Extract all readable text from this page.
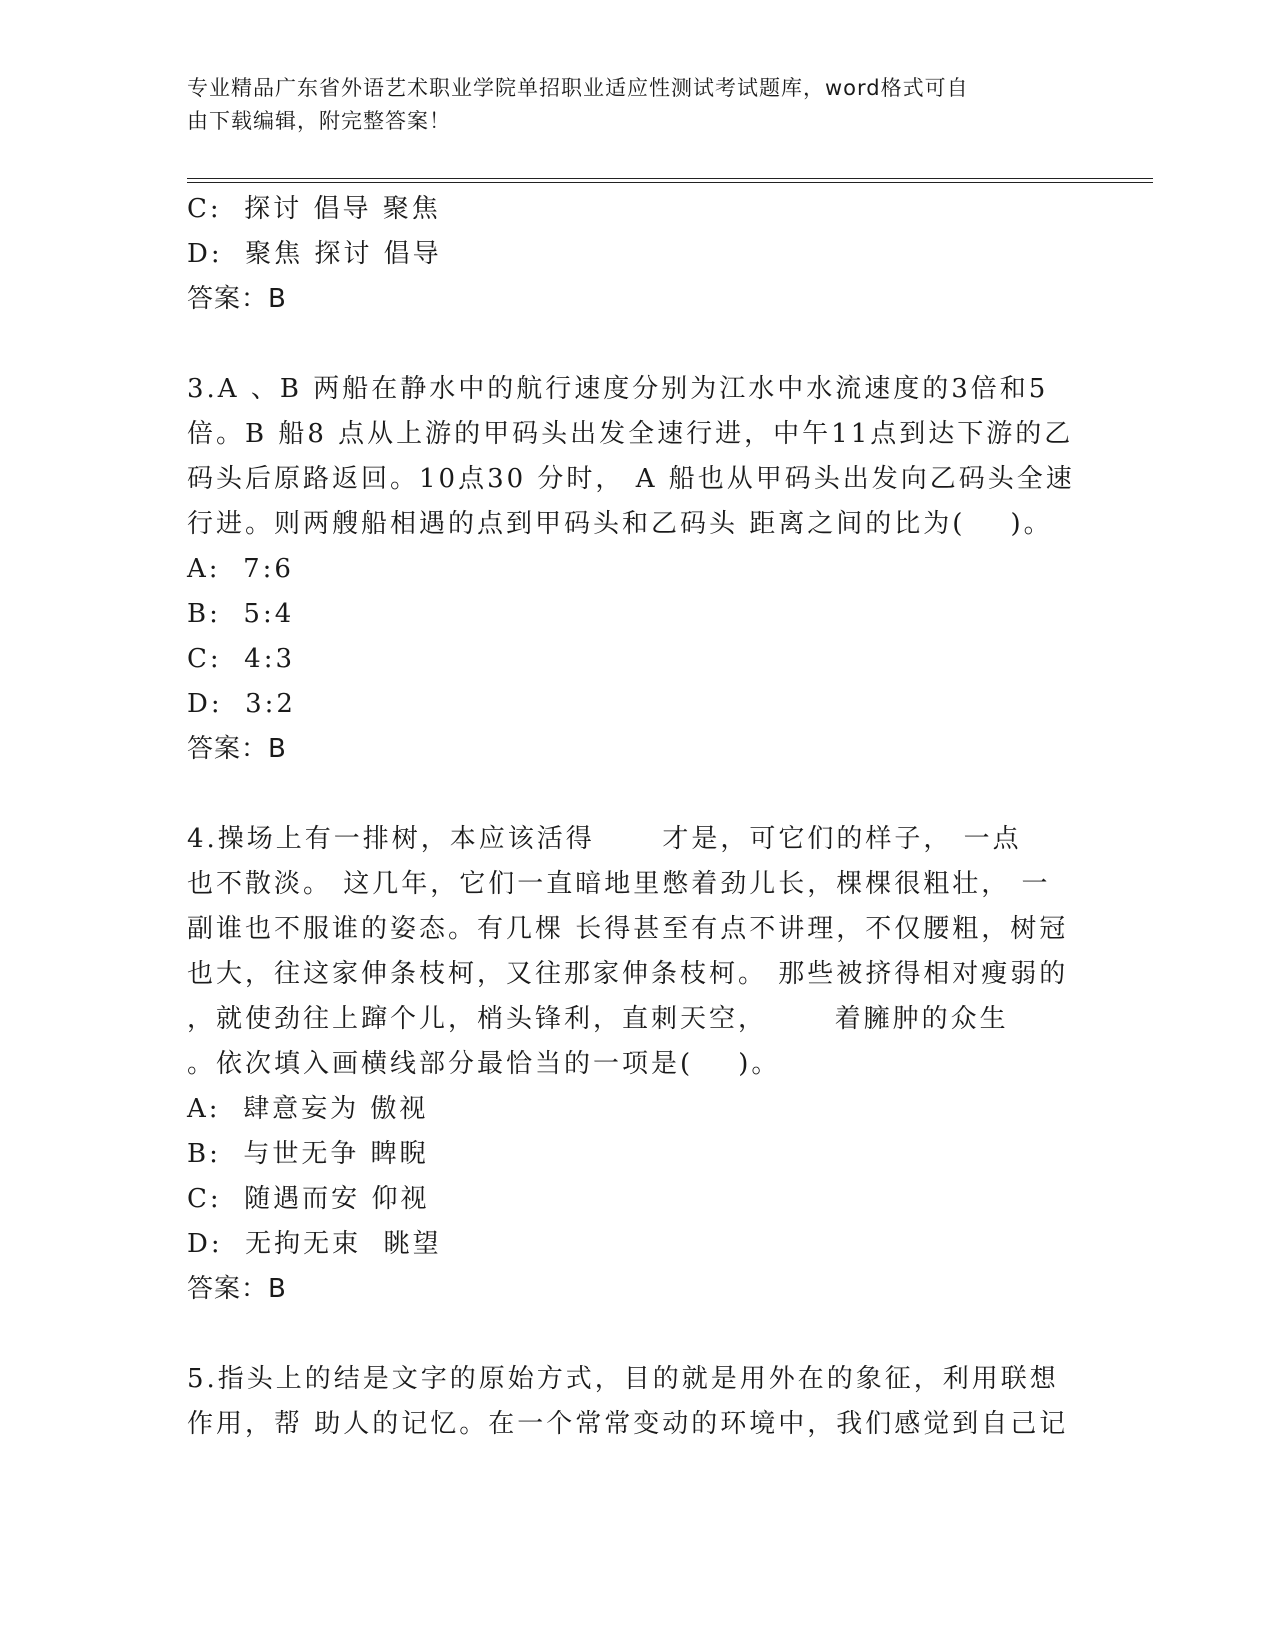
专业精品广东省外语艺术职业学院单招职业适应性测试考试题库，word格式可自
由下载编辑，附完整答案！
C:  探讨 倡导 聚焦
D:  聚焦 探讨 倡导
答案：B
3.A 、B 两船在静水中的航行速度分别为江水中水流速度的3倍和5
倍。B 船8 点从上游的甲码头出发全速行进，中午11点到达下游的乙
码头后原路返回。10点30 分时， A 船也从甲码头出发向乙码头全速
行进。则两艘船相遇的点到甲码头和乙码头 距离之间的比为(    )。
A:  7:6
B:  5:4
C:  4:3
D:  3:2
答案：B
4.操场上有一排树，本应该活得      才是，可它们的样子， 一点
也不散淡。 这几年，它们一直暗地里憋着劲儿长，棵棵很粗壮， 一
副谁也不服谁的姿态。有几棵 长得甚至有点不讲理，不仅腰粗，树冠
也大，往这家伸条枝柯，又往那家伸条枝柯。 那些被挤得相对瘦弱的
，就使劲往上蹿个儿，梢头锋利，直刺天空，      着臃肿的众生
。依次填入画横线部分最恰当的一项是(    )。
A:  肆意妄为 傲视
B:  与世无争 睥睨
C:  随遇而安 仰视
D:  无拘无束  眺望
答案：B
5.指头上的结是文字的原始方式，目的就是用外在的象征，利用联想
作用，帮 助人的记忆。在一个常常变动的环境中，我们感觉到自己记
